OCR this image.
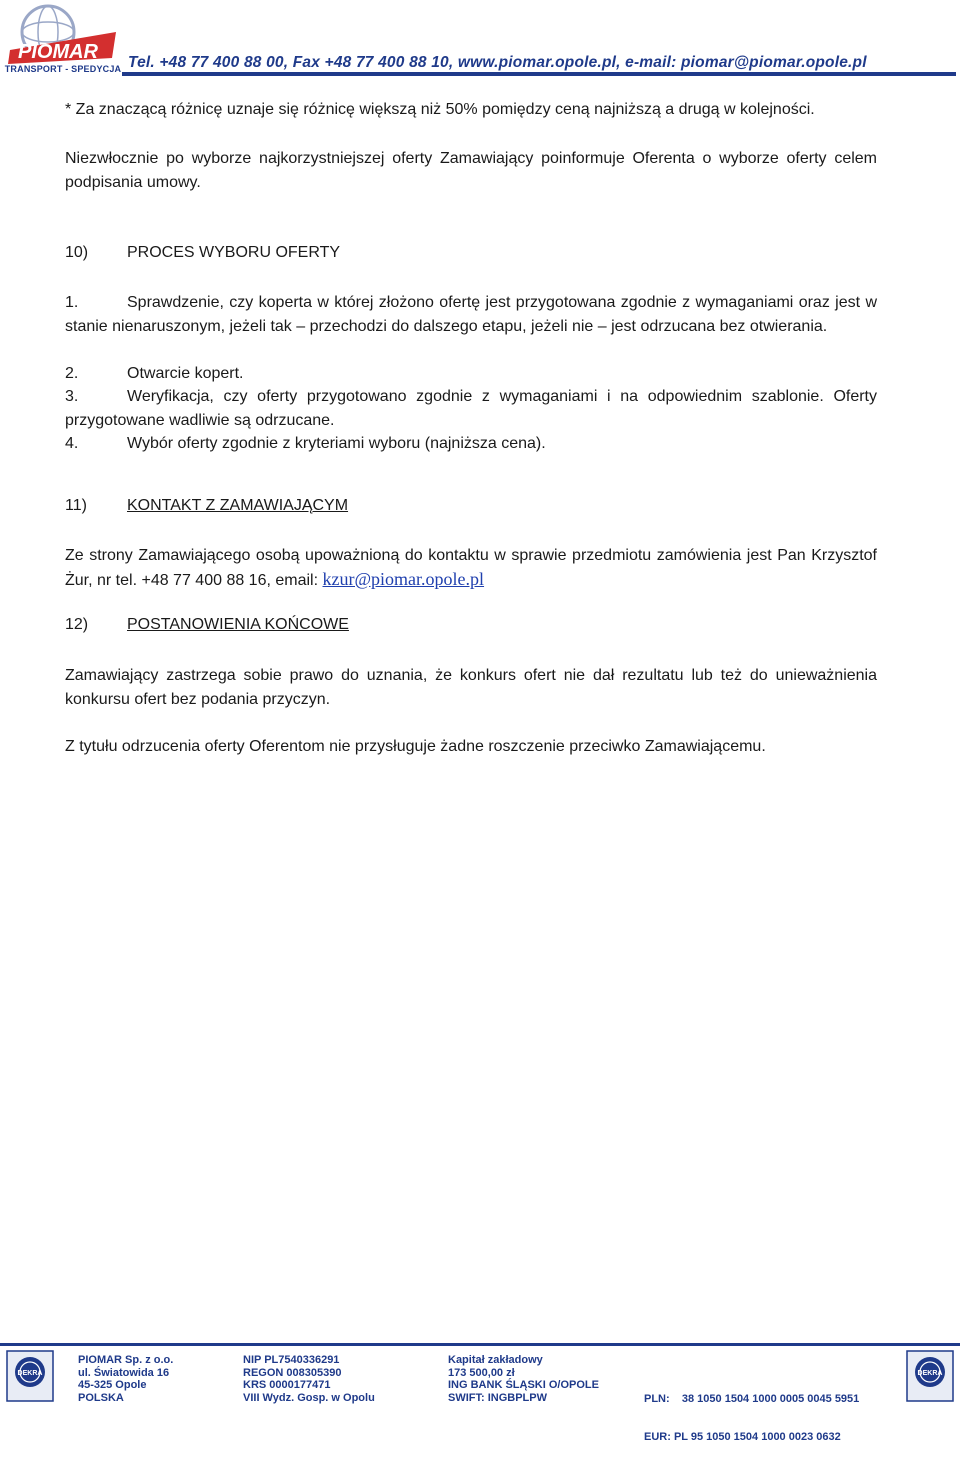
PIOMAR
TRANSPORT - SPEDYCJA Tel. +48 77 400 88 00, Fax +48 77 400 88 10, www.piomar.opole.pl, e-mail: piomar@piomar.opole.pl

* Za znaczącą różnicę uznaje się różnicę większą niż 50% pomiędzy ceną najniższą a drugą w kolejności.

Niezwłocznie po wyborze najkorzystniejszej oferty Zamawiający poinformuje Oferenta o wyborze oferty celem podpisania umowy.

10) PROCES WYBORU OFERTY

1.	Sprawdzenie, czy koperta w której złożono ofertę jest przygotowana zgodnie z wymaganiami oraz jest w stanie nienaruszonym, jeżeli tak – przechodzi do dalszego etapu, jeżeli nie – jest odrzucana bez otwierania.

2.	Otwarcie kopert.

3.	Weryfikacja, czy oferty przygotowano zgodnie z wymaganiami i na odpowiednim szablonie. Oferty przygotowane wadliwie są odrzucane.

4.	Wybór oferty zgodnie z kryteriami wyboru (najniższa cena).

11)	KONTAKT Z ZAMAWIAJĄCYM

Ze strony Zamawiającego osobą upoważnioną do kontaktu w sprawie przedmiotu zamówienia jest Pan Krzysztof Żur, nr tel. +48 77 400 88 16, email: kzur@piomar.opole.pl

12) POSTANOWIENIA KOŃCOWE

Zamawiający zastrzega sobie prawo do uznania, że konkurs ofert nie dał rezultatu lub też do unieważnienia konkursu ofert bez podania przyczyn.

Z tytułu odrzucenia oferty Oferentom nie przysługuje żadne roszczenie przeciwko Zamawiającemu.

DEKRA
PIOMAR Sp. z o.o.
ul. Światowida 16
45-325 Opole
POLSKA
NIP PL7540336291
REGON 008305390
KRS 0000177471
VIII Wydz. Gosp. w Opolu
Kapitał zakładowy
173 500,00 zł
ING BANK ŚLĄSKI O/OPOLE
SWIFT: INGBPLPW

	PLN:    38 1050 1504 1000 0005 0045 5951

EUR: PL 95 1050 1504 1000 0023 0632

DEKRA
